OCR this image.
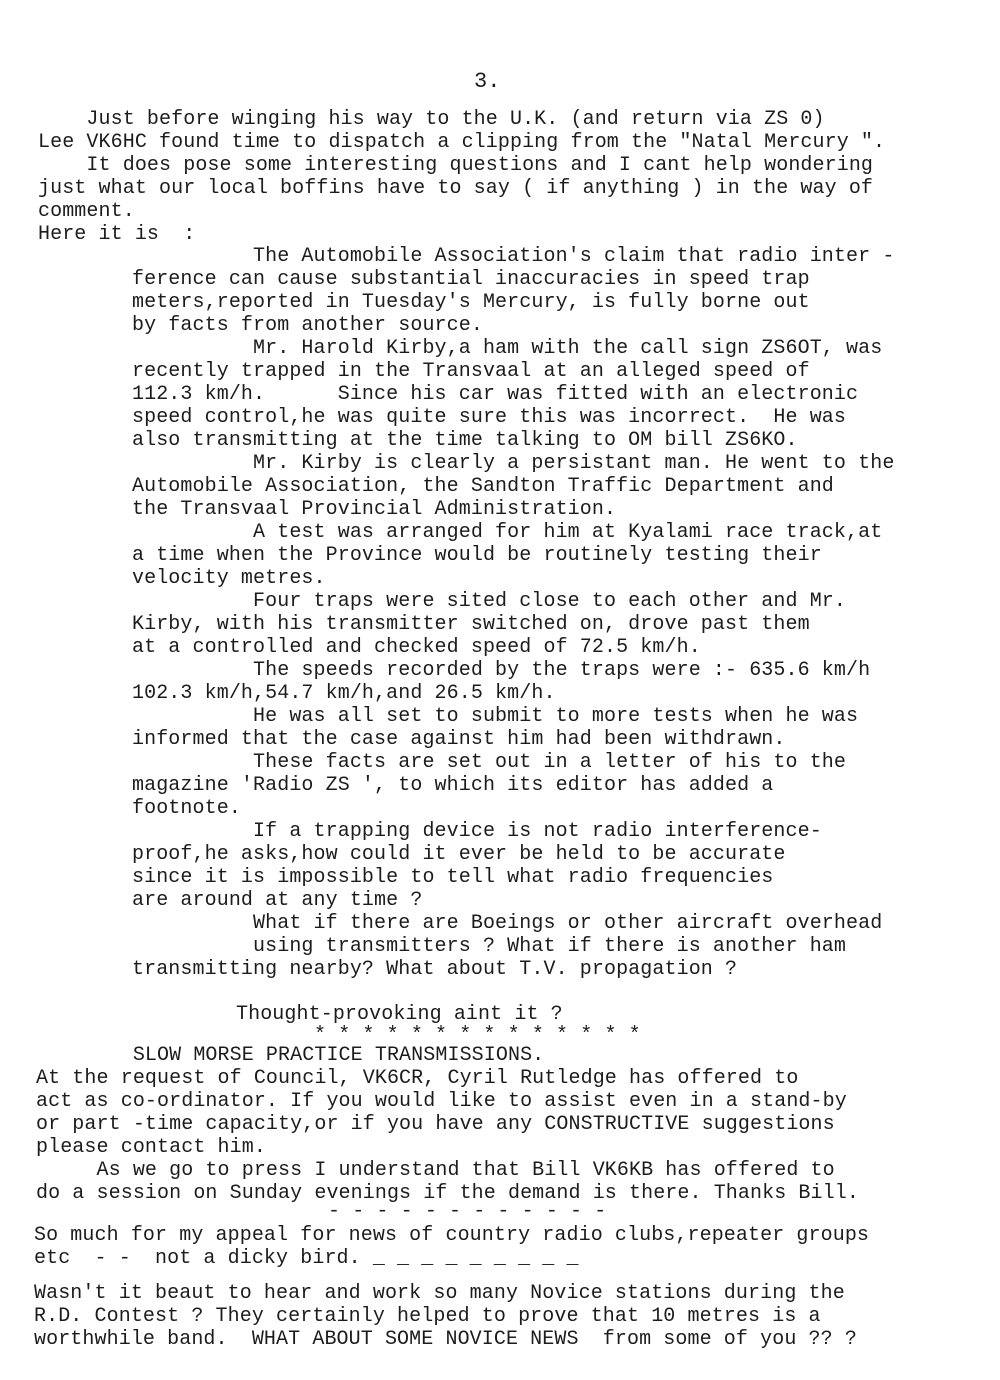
3.
Just before winging his way to the U.K. (and return via ZS 0)
Lee VK6HC found time to dispatch a clipping from the "Natal Mercury ".
It does pose some interesting questions and I cant help wondering
just what our local boffins have to say ( if anything ) in the way of
comment.
Here it is  :
The Automobile Association's claim that radio inter -
ference can cause substantial inaccuracies in speed trap
meters,reported in Tuesday's Mercury, is fully borne out
by facts from another source.
Mr. Harold Kirby,a ham with the call sign ZS6OT, was
recently trapped in the Transvaal at an alleged speed of
112.3 km/h.      Since his car was fitted with an electronic
speed control,he was quite sure this was incorrect.  He was
also transmitting at the time talking to OM bill ZS6KO.
Mr. Kirby is clearly a persistant man. He went to the
Automobile Association, the Sandton Traffic Department and
the Transvaal Provincial Administration.
A test was arranged for him at Kyalami race track,at
a time when the Province would be routinely testing their
velocity metres.
Four traps were sited close to each other and Mr.
Kirby, with his transmitter switched on, drove past them
at a controlled and checked speed of 72.5 km/h.
The speeds recorded by the traps were :- 635.6 km/h
102.3 km/h,54.7 km/h,and 26.5 km/h.
He was all set to submit to more tests when he was
informed that the case against him had been withdrawn.
These facts are set out in a letter of his to the
magazine 'Radio ZS ', to which its editor has added a
footnote.
If a trapping device is not radio interference-
proof,he asks,how could it ever be held to be accurate
since it is impossible to tell what radio frequencies
are around at any time ?
What if there are Boeings or other aircraft overhead
using transmitters ? What if there is another ham
transmitting nearby? What about T.V. propagation ?
Thought-provoking aint it ?
* * * * * * * * * * * * * *
SLOW MORSE PRACTICE TRANSMISSIONS.
At the request of Council, VK6CR, Cyril Rutledge has offered to
act as co-ordinator. If you would like to assist even in a stand-by
or part -time capacity,or if you have any CONSTRUCTIVE suggestions
please contact him.
As we go to press I understand that Bill VK6KB has offered to
do a session on Sunday evenings if the demand is there. Thanks Bill.
- - - - - - - - - - - -
So much for my appeal for news of country radio clubs,repeater groups
etc  - -  not a dicky bird. _ _ _ _ _ _ _ _ _
Wasn't it beaut to hear and work so many Novice stations during the
R.D. Contest ? They certainly helped to prove that 10 metres is a
worthwhile band.  WHAT ABOUT SOME NOVICE NEWS  from some of you ?? ?
